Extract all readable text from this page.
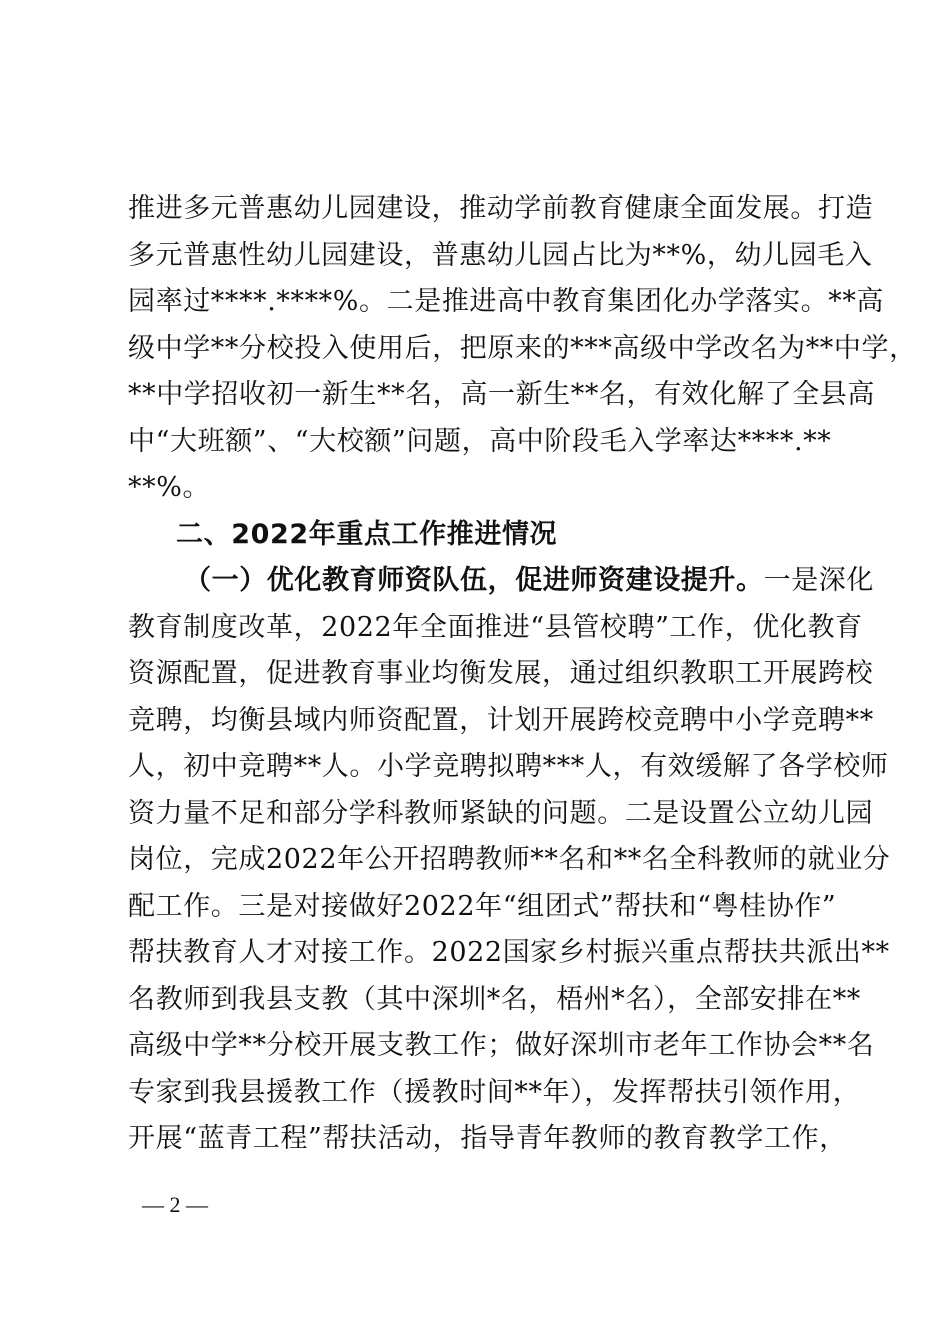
推进多元普惠幼儿园建设，推动学前教育健康全面发展。打造
多元普惠性幼儿园建设，普惠幼儿园占比为**%，幼儿园毛入
园率过****.****%。二是推进高中教育集团化办学落实。**高
级中学**分校投入使用后，把原来的***高级中学改名为**中学，
**中学招收初一新生**名，高一新生**名，有效化解了全县高
中“大班额”、“大校额”问题，高中阶段毛入学率达****.**
**%。
二、2022年重点工作推进情况
（一）优化教育师资队伍，促进师资建设提升。一是深化
教育制度改革，2022年全面推进“县管校聘”工作，优化教育
资源配置，促进教育事业均衡发展，通过组织教职工开展跨校
竞聘，均衡县域内师资配置，计划开展跨校竞聘中小学竞聘**
人，初中竞聘**人。小学竞聘拟聘***人，有效缓解了各学校师
资力量不足和部分学科教师紧缺的问题。二是设置公立幼儿园
岗位，完成2022年公开招聘教师**名和**名全科教师的就业分
配工作。三是对接做好2022年“组团式”帮扶和“粤桂协作”
帮扶教育人才对接工作。2022国家乡村振兴重点帮扶共派出**
名教师到我县支教（其中深圳*名，梧州*名），全部安排在**
高级中学**分校开展支教工作；做好深圳市老年工作协会**名
专家到我县援教工作（援教时间**年），发挥帮扶引领作用，
开展“蓝青工程”帮扶活动，指导青年教师的教育教学工作，
— 2 —
